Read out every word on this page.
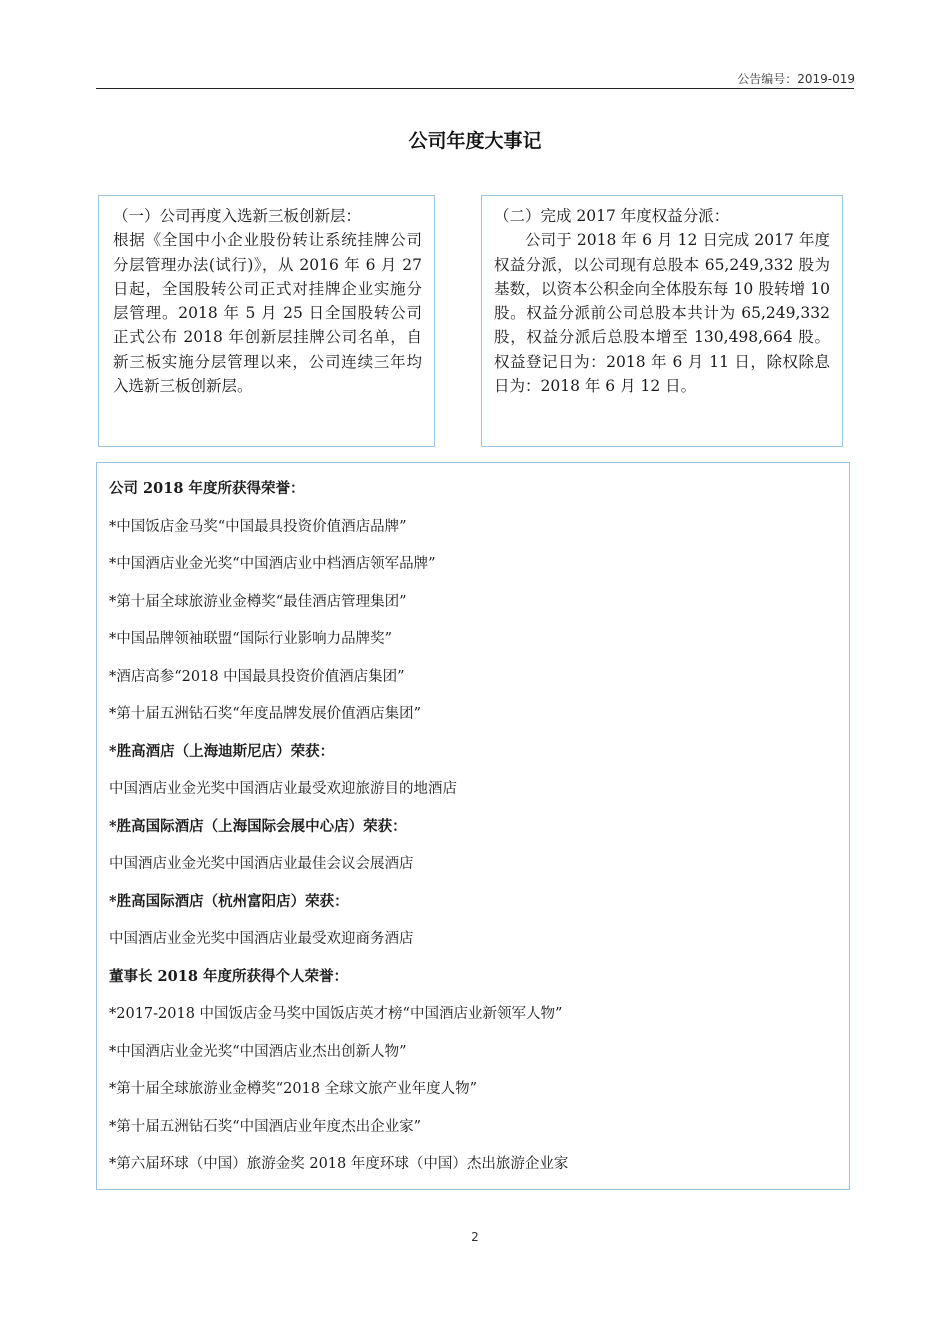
公告编号：2019-019
公司年度大事记

（一）公司再度入选新三板创新层：

根据《全国中小企业股份转让系统挂牌公司分层管理办法(试行)》，从 2016 年 6 月 27 日起，全国股转公司正式对挂牌企业实施分层管理。2018 年 5 月 25 日全国股转公司正式公布 2018 年创新层挂牌公司名单，自新三板实施分层管理以来，公司连续三年均入选新三板创新层。

（二）完成 2017 年度权益分派：

公司于 2018 年 6 月 12 日完成 2017 年度权益分派，以公司现有总股本 65,249,332 股为基数，以资本公积金向全体股东每 10 股转增 10 股。权益分派前公司总股本共计为 65,249,332 股，权益分派后总股本增至 130,498,664 股。权益登记日为：2018 年 6 月 11 日，除权除息日为：2018 年 6 月 12 日。

公司 2018 年度所获得荣誉：
*中国饭店金马奖“中国最具投资价值酒店品牌”
*中国酒店业金光奖“中国酒店业中档酒店领军品牌”
*第十届全球旅游业金樽奖“最佳酒店管理集团”
*中国品牌领袖联盟“国际行业影响力品牌奖”
*酒店高参“2018 中国最具投资价值酒店集团”
*第十届五洲钻石奖“年度品牌发展价值酒店集团”
*胜高酒店（上海迪斯尼店）荣获：
中国酒店业金光奖中国酒店业最受欢迎旅游目的地酒店
*胜高国际酒店（上海国际会展中心店）荣获：
中国酒店业金光奖中国酒店业最佳会议会展酒店
*胜高国际酒店（杭州富阳店）荣获：
中国酒店业金光奖中国酒店业最受欢迎商务酒店
董事长 2018 年度所获得个人荣誉：
*2017-2018 中国饭店金马奖中国饭店英才榜“中国酒店业新领军人物”
*中国酒店业金光奖“中国酒店业杰出创新人物”
*第十届全球旅游业金樽奖“2018 全球文旅产业年度人物”
*第十届五洲钻石奖“中国酒店业年度杰出企业家”
*第六届环球（中国）旅游金奖 2018 年度环球（中国）杰出旅游企业家
2
